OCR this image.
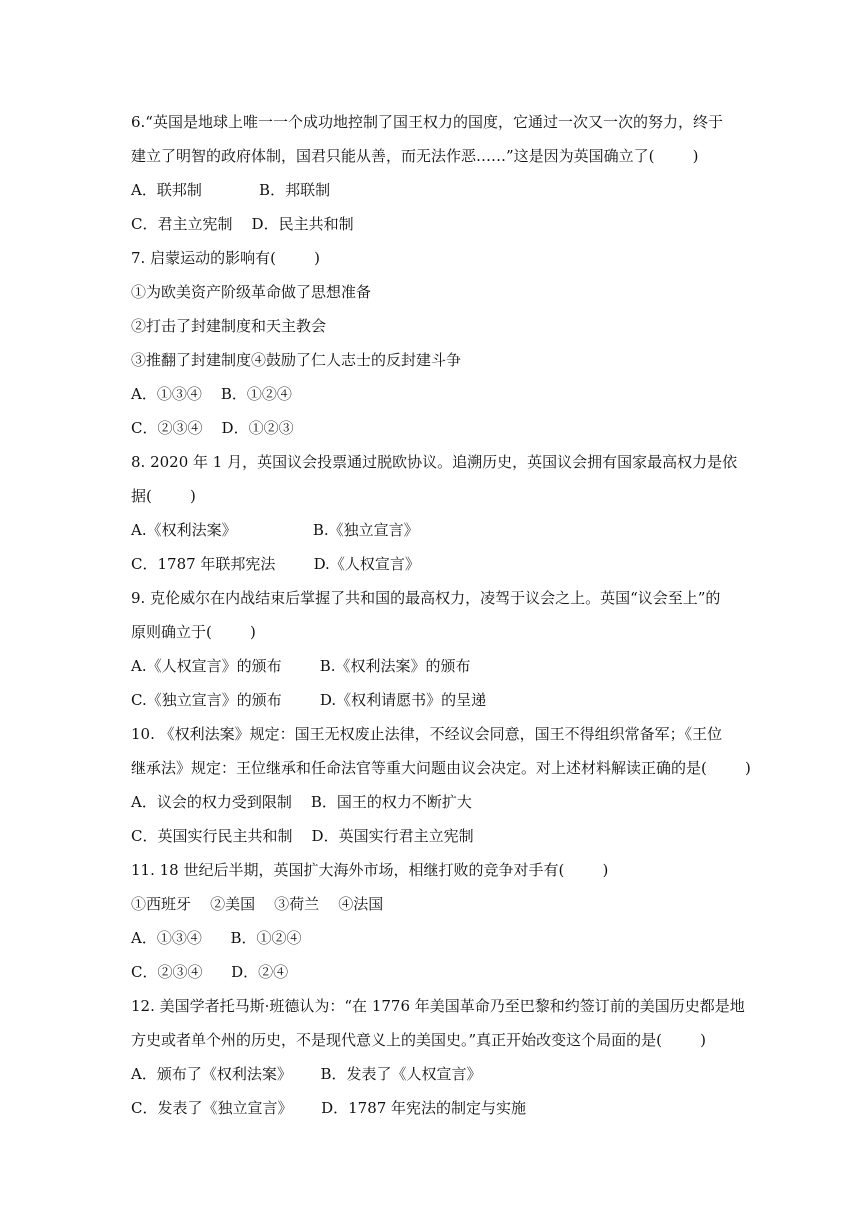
6.“英国是地球上唯一一个成功地控制了国王权力的国度，它通过一次又一次的努力，终于
建立了明智的政府体制，国君只能从善，而无法作恶……”这是因为英国确立了(        )
A．联邦制            B．邦联制
C．君主立宪制    D．民主共和制
7. 启蒙运动的影响有(        )
①为欧美资产阶级革命做了思想准备
②打击了封建制度和天主教会
③推翻了封建制度④鼓励了仁人志士的反封建斗争
A．①③④    B．①②④
C．②③④    D．①②③
8. 2020 年 1 月，英国议会投票通过脱欧协议。追溯历史，英国议会拥有国家最高权力是依
据(        )
A.《权利法案》                B.《独立宣言》
C．1787 年联邦宪法        D.《人权宣言》
9. 克伦威尔在内战结束后掌握了共和国的最高权力，凌驾于议会之上。英国“议会至上”的
原则确立于(        )
A.《人权宣言》的颁布        B.《权利法案》的颁布
C.《独立宣言》的颁布        D.《权利请愿书》的呈递
10. 《权利法案》规定：国王无权废止法律，不经议会同意，国王不得组织常备军；《王位
继承法》规定：王位继承和任命法官等重大问题由议会决定。对上述材料解读正确的是(        )
A．议会的权力受到限制    B．国王的权力不断扩大
C．英国实行民主共和制    D．英国实行君主立宪制
11. 18 世纪后半期，英国扩大海外市场，相继打败的竞争对手有(        )
①西班牙    ②美国    ③荷兰    ④法国
A．①③④      B．①②④
C．②③④      D．②④
12. 美国学者托马斯·班德认为：“在 1776 年美国革命乃至巴黎和约签订前的美国历史都是地
方史或者单个州的历史，不是现代意义上的美国史。”真正开始改变这个局面的是(        )
A．颁布了《权利法案》      B．发表了《人权宣言》
C．发表了《独立宣言》      D．1787 年宪法的制定与实施
